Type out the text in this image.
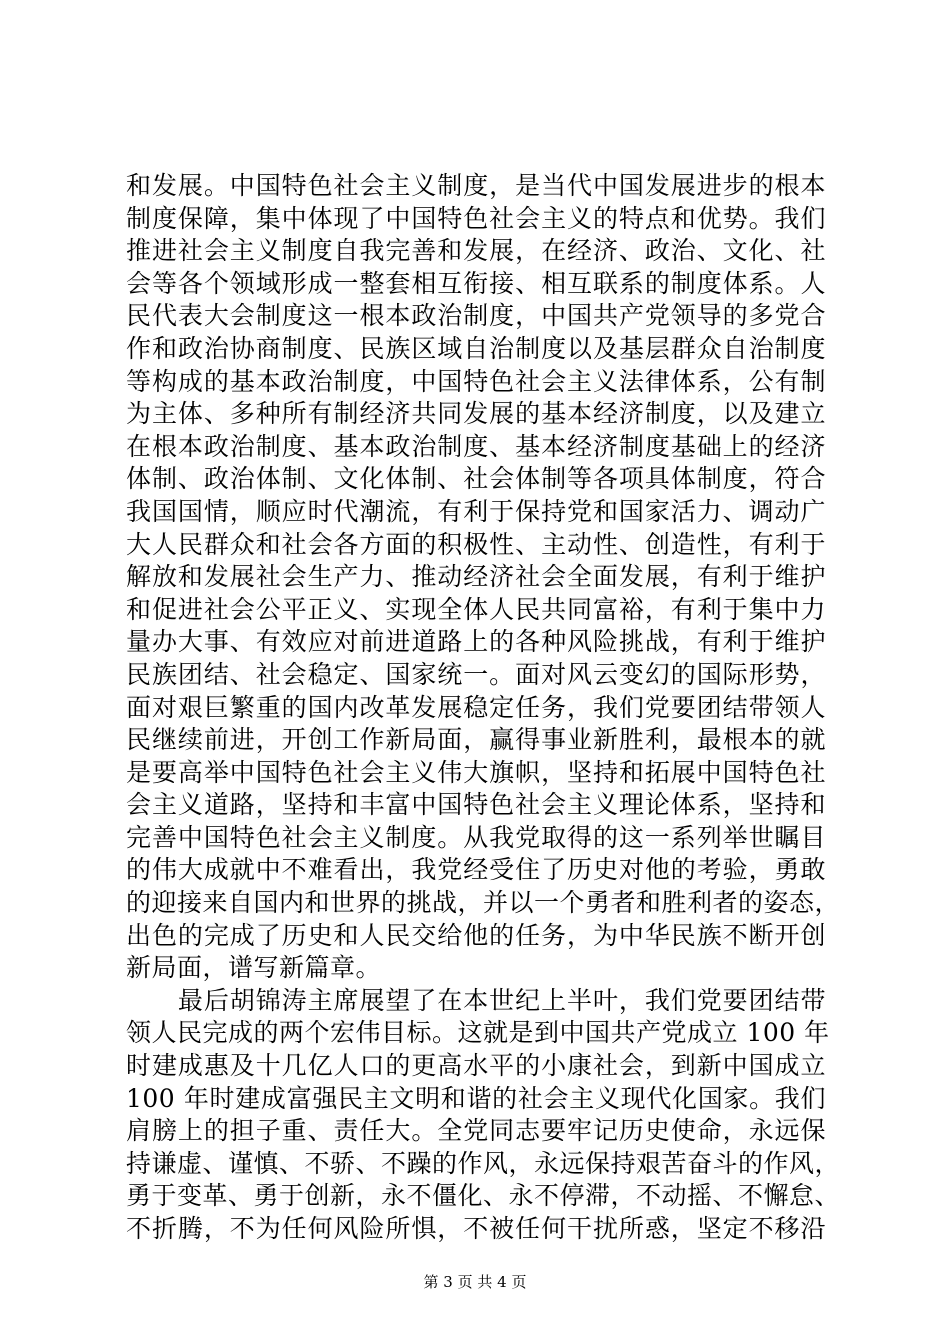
和发展。中国特色社会主义制度，是当代中国发展进步的根本
制度保障，集中体现了中国特色社会主义的特点和优势。我们
推进社会主义制度自我完善和发展，在经济、政治、文化、社
会等各个领域形成一整套相互衔接、相互联系的制度体系。人
民代表大会制度这一根本政治制度，中国共产党领导的多党合
作和政治协商制度、民族区域自治制度以及基层群众自治制度
等构成的基本政治制度，中国特色社会主义法律体系，公有制
为主体、多种所有制经济共同发展的基本经济制度，以及建立
在根本政治制度、基本政治制度、基本经济制度基础上的经济
体制、政治体制、文化体制、社会体制等各项具体制度，符合
我国国情，顺应时代潮流，有利于保持党和国家活力、调动广
大人民群众和社会各方面的积极性、主动性、创造性，有利于
解放和发展社会生产力、推动经济社会全面发展，有利于维护
和促进社会公平正义、实现全体人民共同富裕，有利于集中力
量办大事、有效应对前进道路上的各种风险挑战，有利于维护
民族团结、社会稳定、国家统一。面对风云变幻的国际形势，
面对艰巨繁重的国内改革发展稳定任务，我们党要团结带领人
民继续前进，开创工作新局面，赢得事业新胜利，最根本的就
是要高举中国特色社会主义伟大旗帜，坚持和拓展中国特色社
会主义道路，坚持和丰富中国特色社会主义理论体系，坚持和
完善中国特色社会主义制度。从我党取得的这一系列举世瞩目
的伟大成就中不难看出，我党经受住了历史对他的考验，勇敢
的迎接来自国内和世界的挑战，并以一个勇者和胜利者的姿态，
出色的完成了历史和人民交给他的任务，为中华民族不断开创
新局面，谱写新篇章。
　　最后胡锦涛主席展望了在本世纪上半叶，我们党要团结带
领人民完成的两个宏伟目标。这就是到中国共产党成立 100 年
时建成惠及十几亿人口的更高水平的小康社会，到新中国成立
100 年时建成富强民主文明和谐的社会主义现代化国家。我们
肩膀上的担子重、责任大。全党同志要牢记历史使命，永远保
持谦虚、谨慎、不骄、不躁的作风，永远保持艰苦奋斗的作风，
勇于变革、勇于创新，永不僵化、永不停滞，不动摇、不懈怠、
不折腾，不为任何风险所惧，不被任何干扰所惑，坚定不移沿
第 3 页 共 4 页
